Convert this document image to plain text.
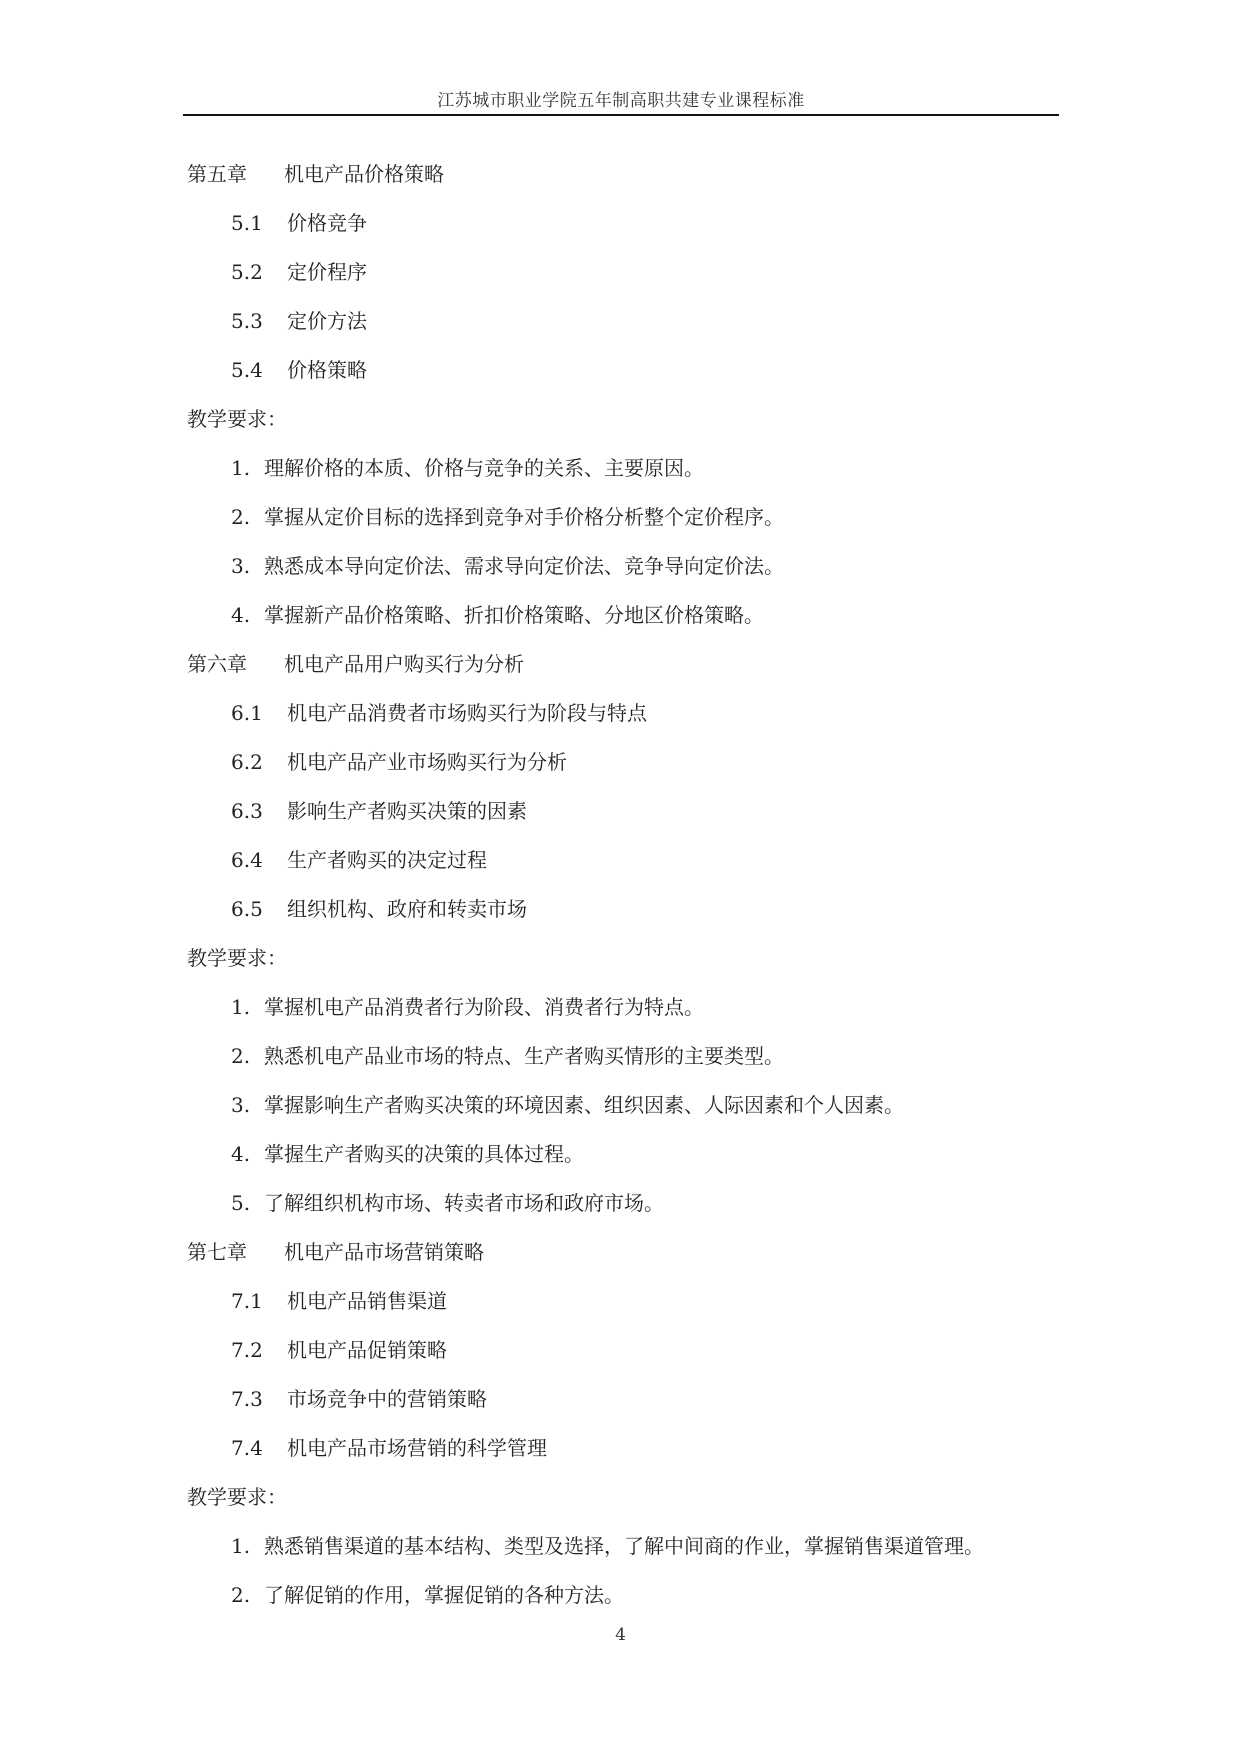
江苏城市职业学院五年制高职共建专业课程标准
第五章 机电产品价格策略
5.1 价格竞争
5.2 定价程序
5.3 定价方法
5.4 价格策略
教学要求：
1. 理解价格的本质、价格与竞争的关系、主要原因。
2. 掌握从定价目标的选择到竞争对手价格分析整个定价程序。
3. 熟悉成本导向定价法、需求导向定价法、竞争导向定价法。
4. 掌握新产品价格策略、折扣价格策略、分地区价格策略。
第六章 机电产品用户购买行为分析
6.1 机电产品消费者市场购买行为阶段与特点
6.2 机电产品产业市场购买行为分析
6.3 影响生产者购买决策的因素
6.4 生产者购买的决定过程
6.5 组织机构、政府和转卖市场
教学要求：
1. 掌握机电产品消费者行为阶段、消费者行为特点。
2. 熟悉机电产品业市场的特点、生产者购买情形的主要类型。
3. 掌握影响生产者购买决策的环境因素、组织因素、人际因素和个人因素。
4. 掌握生产者购买的决策的具体过程。
5. 了解组织机构市场、转卖者市场和政府市场。
第七章 机电产品市场营销策略
7.1 机电产品销售渠道
7.2 机电产品促销策略
7.3 市场竞争中的营销策略
7.4 机电产品市场营销的科学管理
教学要求：
1. 熟悉销售渠道的基本结构、类型及选择，了解中间商的作业，掌握销售渠道管理。
2. 了解促销的作用，掌握促销的各种方法。
4
